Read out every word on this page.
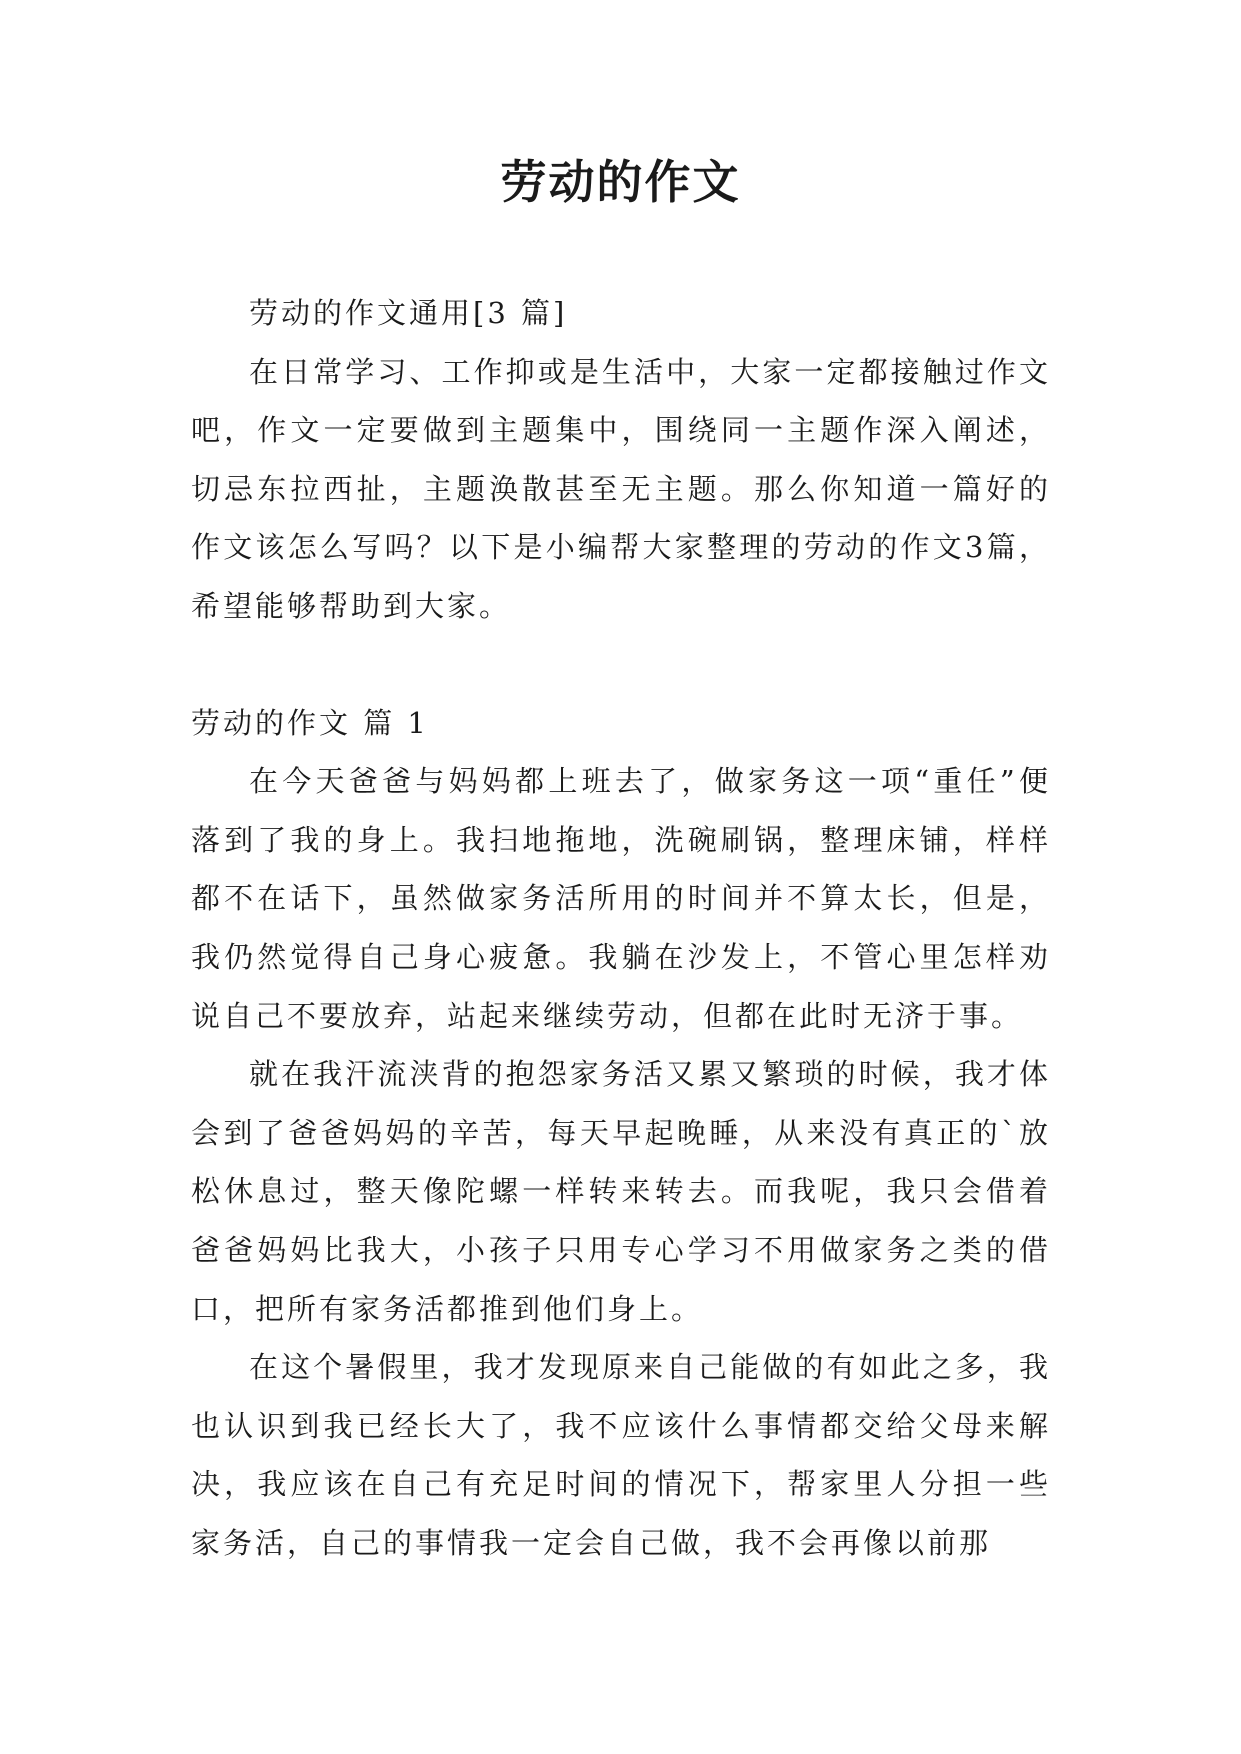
劳动的作文

劳动的作文通用[3 篇]

在日常学习、工作抑或是生活中，大家一定都接触过作文吧，作文一定要做到主题集中，围绕同一主题作深入阐述，切忌东拉西扯，主题涣散甚至无主题。那么你知道一篇好的作文该怎么写吗？以下是小编帮大家整理的劳动的作文3篇，希望能够帮助到大家。

劳动的作文 篇 1

在今天爸爸与妈妈都上班去了，做家务这一项“重任”便落到了我的身上。我扫地拖地，洗碗刷锅，整理床铺，样样都不在话下，虽然做家务活所用的时间并不算太长，但是，我仍然觉得自己身心疲惫。我躺在沙发上，不管心里怎样劝说自己不要放弃，站起来继续劳动，但都在此时无济于事。

就在我汗流浃背的抱怨家务活又累又繁琐的时候，我才体会到了爸爸妈妈的辛苦，每天早起晚睡，从来没有真正的`放松休息过，整天像陀螺一样转来转去。而我呢，我只会借着爸爸妈妈比我大，小孩子只用专心学习不用做家务之类的借口，把所有家务活都推到他们身上。

在这个暑假里，我才发现原来自己能做的有如此之多，我也认识到我已经长大了，我不应该什么事情都交给父母来解决，我应该在自己有充足时间的情况下，帮家里人分担一些家务活，自己的事情我一定会自己做，我不会再像以前那
